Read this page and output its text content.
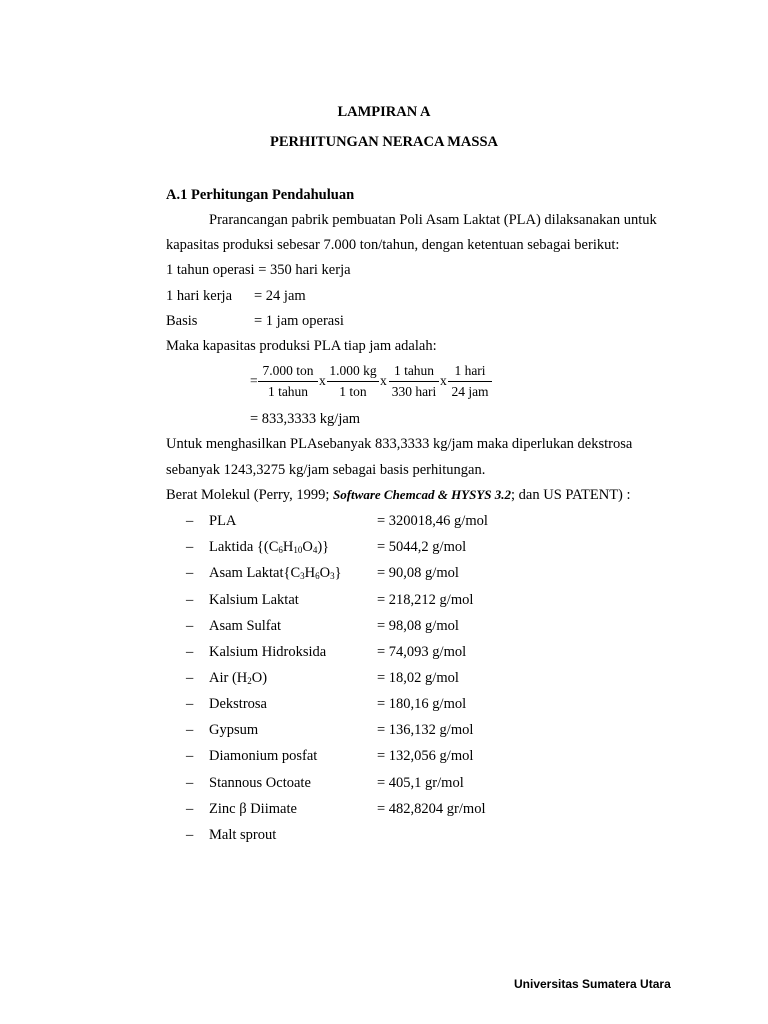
LAMPIRAN A
PERHITUNGAN NERACA MASSA
A.1 Perhitungan Pendahuluan
Prarancangan pabrik pembuatan Poli Asam Laktat (PLA) dilaksanakan untuk
kapasitas produksi sebesar 7.000 ton/tahun, dengan ketentuan sebagai berikut:
1 tahun operasi = 350 hari kerja
1 hari kerja = 24 jam
Basis	= 1 jam operasi
Maka kapasitas produksi PLA tiap jam adalah:
=
7.000 ton
1 tahun
x
1.000 kg
1 ton
x
1 tahun
330 hari
x
1 hari
24 jam
= 833,3333 kg/jam
Untuk menghasilkan PLAsebanyak 833,3333 kg/jam maka diperlukan dekstrosa
sebanyak 1243,3275 kg/jam sebagai basis perhitungan.
Berat Molekul (Perry, 1999; Software Chemcad & HYSYS 3.2; dan US PATENT) :
– PLA	= 320018,46 g/mol
– Laktida $\{(C_6H_{10}O_4)\}$	= 5044,2 g/mol
– Asam $Laktat\{C_3H_6O_3\} = 90,08$ g/mol
– Kalsium Laktat	= 218,212 g/mol
– Asam Sulfat	= 98,08 g/mol
– Kalsium Hidroksida	= 74,093 g/mol
– Air $(H_2O)$	= 18,02 g/mol
– Dekstrosa	= 180,16 g/mol
– Gypsum	= 136,132 g/mol
– Diamonium posfat	= 132,056 g/mol
– Stannous Octoate	= 405,1 gr/mol
– Zinc β Diimate	= 482,8204 gr/mol
– Malt sprout
Universitas Sumatera Utara
